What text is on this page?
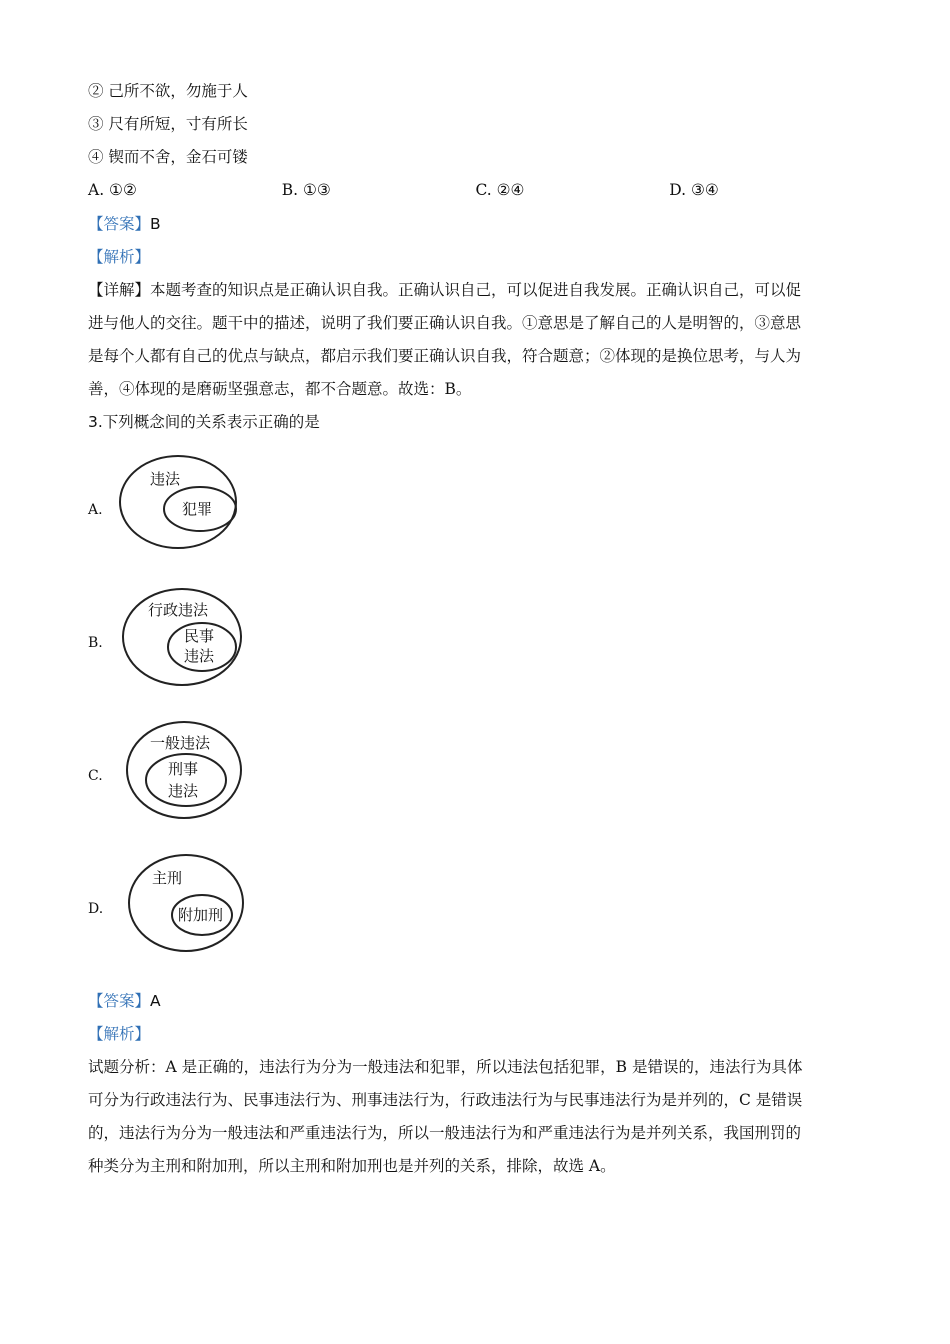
② 己所不欲，勿施于人
③ 尺有所短，寸有所长
④ 锲而不舍，金石可镂
A. ①②	B. ①③	C. ②④	D. ③④
【答案】B
【解析】
【详解】本题考查的知识点是正确认识自我。正确认识自己，可以促进自我发展。正确认识自己，可以促
进与他人的交往。题干中的描述，说明了我们要正确认识自我。①意思是了解自己的人是明智的，③意思
是每个人都有自己的优点与缺点，都启示我们要正确认识自我，符合题意；②体现的是换位思考，与人为
善，④体现的是磨砺坚强意志，都不合题意。故选：B。
3.下列概念间的关系表示正确的是
A.
违法
犯罪
B.
行政违法
民事
违法
C.
一般违法
刑事
违法
D.
主刑
附加刑
【答案】A
【解析】
试题分析：A 是正确的，违法行为分为一般违法和犯罪，所以违法包括犯罪，B 是错误的，违法行为具体
可分为行政违法行为、民事违法行为、刑事违法行为，行政违法行为与民事违法行为是并列的，C 是错误
的，违法行为分为一般违法和严重违法行为，所以一般违法行为和严重违法行为是并列关系，我国刑罚的
种类分为主刑和附加刑，所以主刑和附加刑也是并列的关系，排除，故选 A。
